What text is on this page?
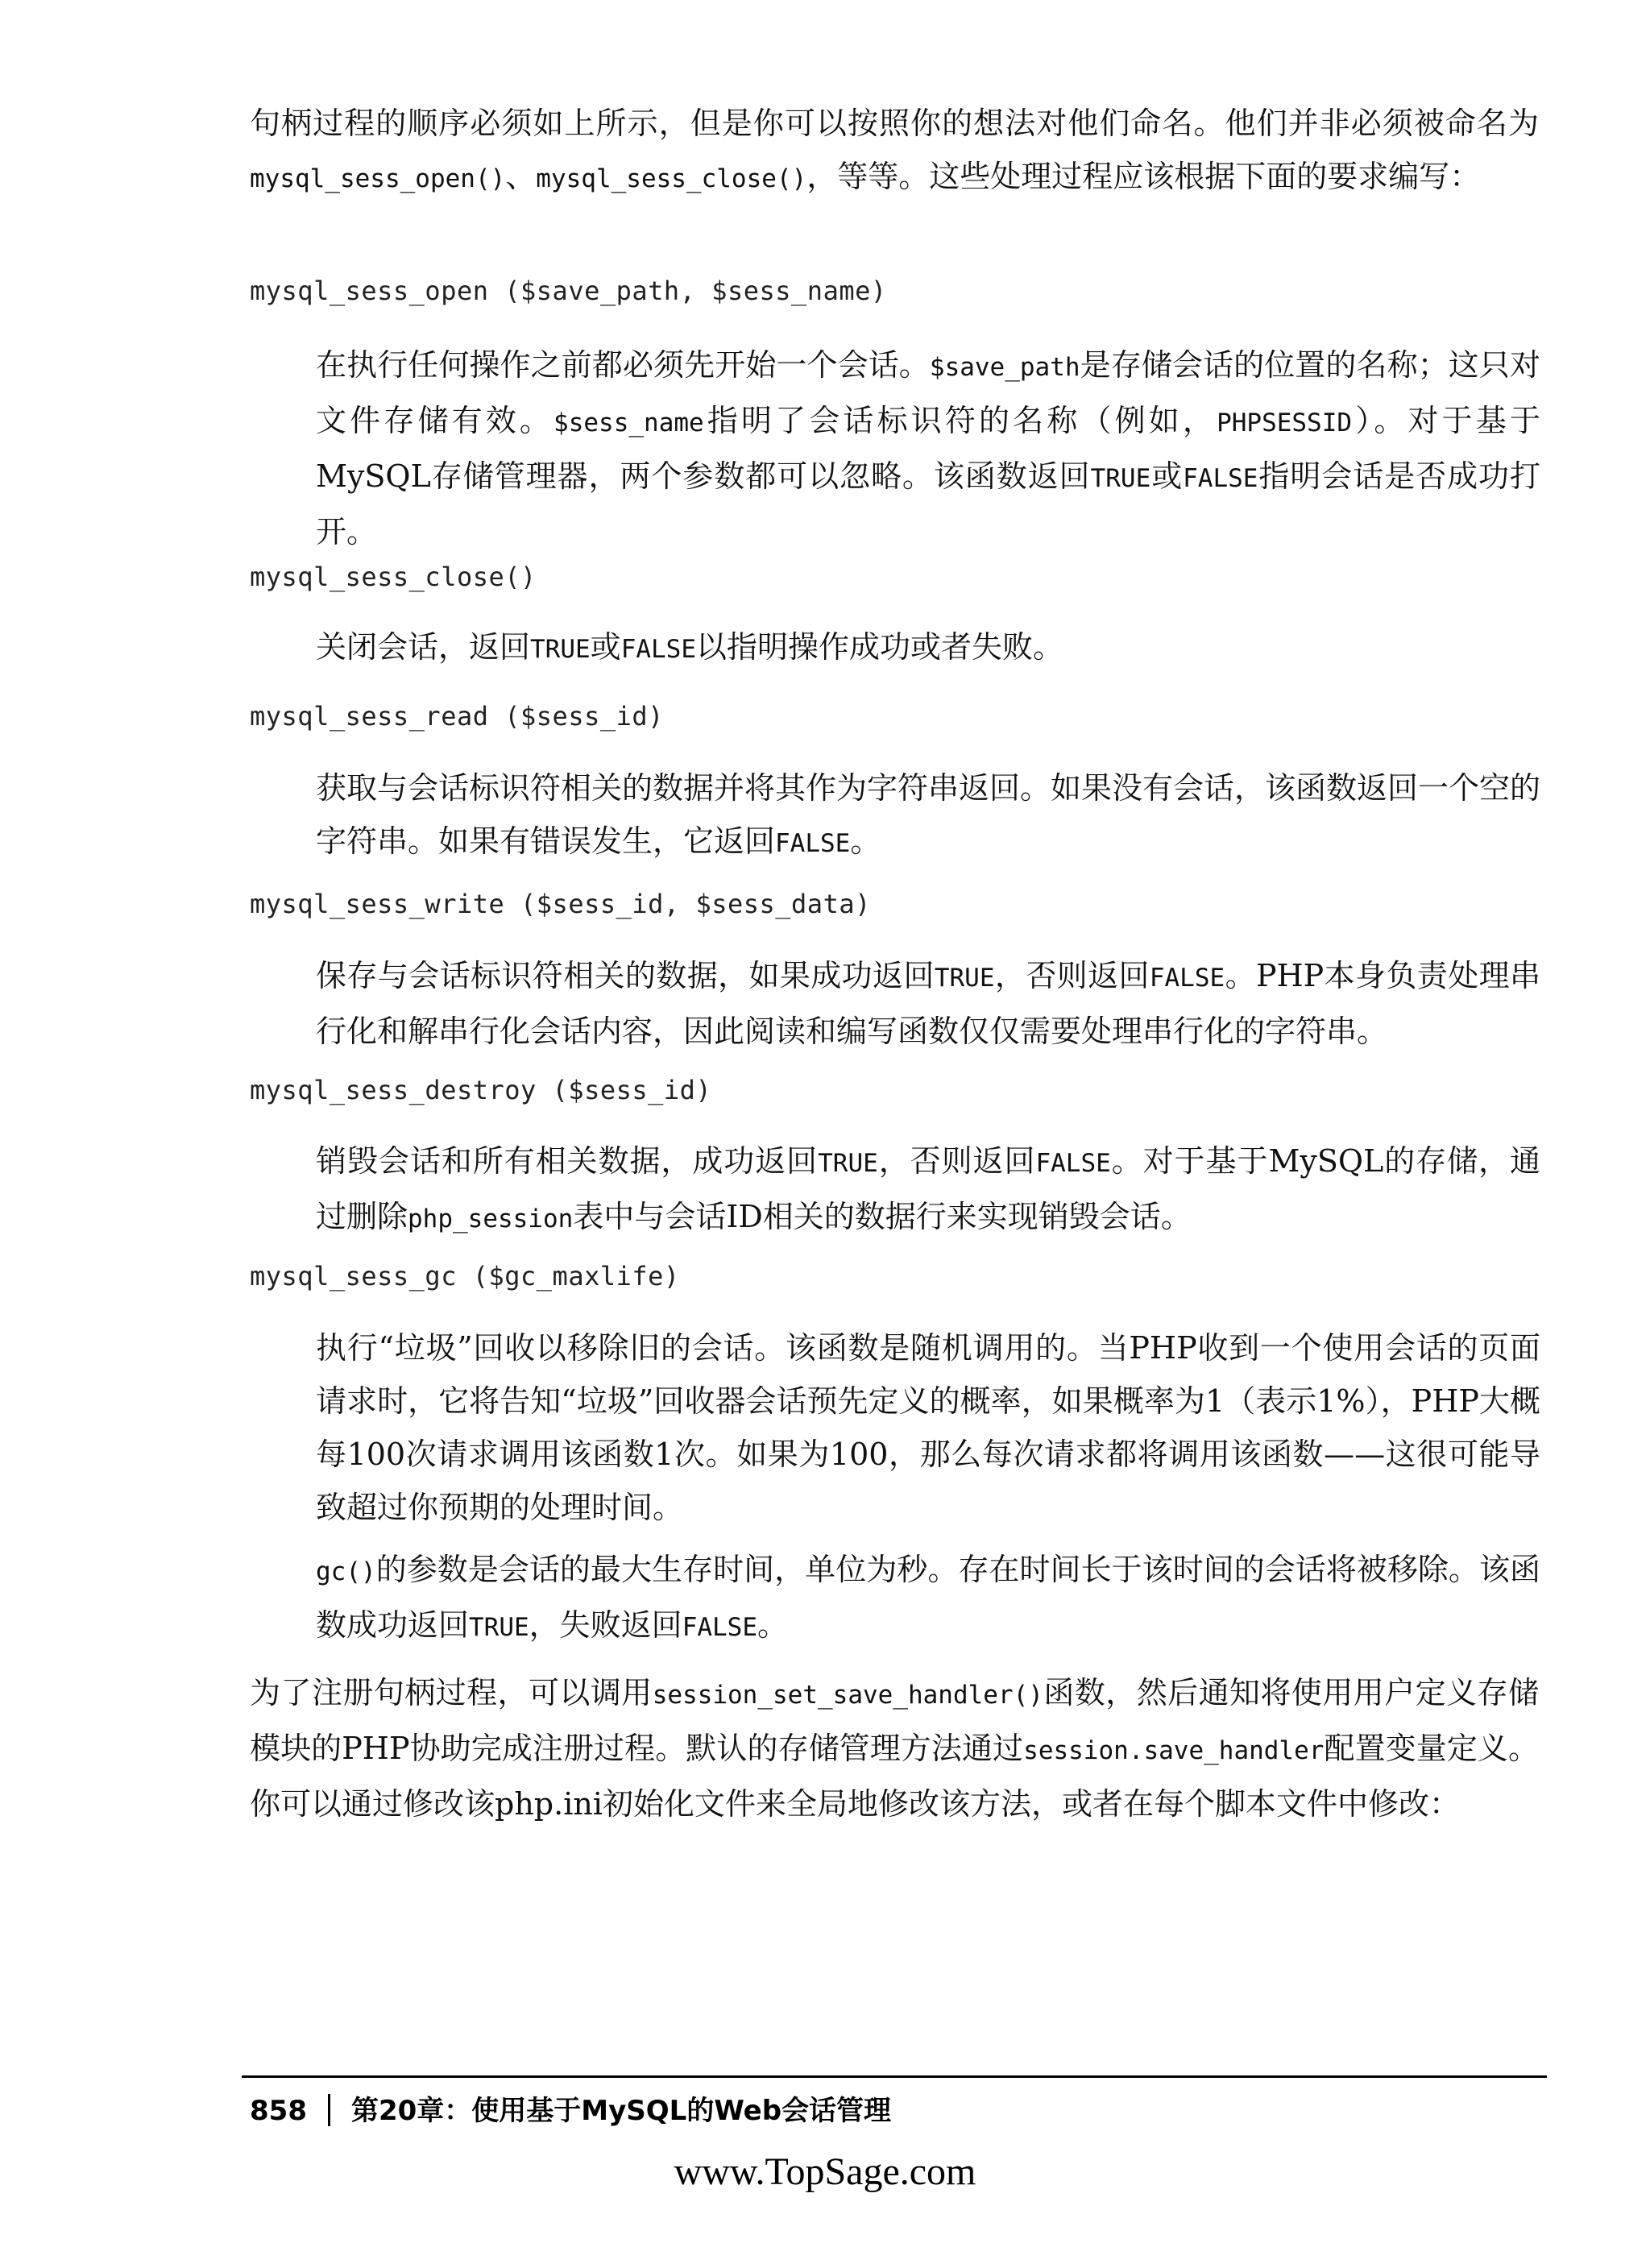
句柄过程的顺序必须如上所示，但是你可以按照你的想法对他们命名。他们并非必须被命名为mysql_sess_open()、mysql_sess_close()，等等。这些处理过程应该根据下面的要求编写：

mysql_sess_open ($save_path, $sess_name)

在执行任何操作之前都必须先开始一个会话。$save_path是存储会话的位置的名称；这只对文件存储有效。$sess_name指明了会话标识符的名称（例如，PHPSESSID）。对于基于MySQL存储管理器，两个参数都可以忽略。该函数返回TRUE或FALSE指明会话是否成功打开。

mysql_sess_close()

关闭会话，返回TRUE或FALSE以指明操作成功或者失败。

mysql_sess_read ($sess_id)

获取与会话标识符相关的数据并将其作为字符串返回。如果没有会话，该函数返回一个空的字符串。如果有错误发生，它返回FALSE。

mysql_sess_write ($sess_id, $sess_data)

保存与会话标识符相关的数据，如果成功返回TRUE，否则返回FALSE。PHP本身负责处理串行化和解串行化会话内容，因此阅读和编写函数仅仅需要处理串行化的字符串。

mysql_sess_destroy ($sess_id)

销毁会话和所有相关数据，成功返回TRUE，否则返回FALSE。对于基于MySQL的存储，通过删除php_session表中与会话ID相关的数据行来实现销毁会话。

mysql_sess_gc ($gc_maxlife)

执行“垃圾”回收以移除旧的会话。该函数是随机调用的。当PHP收到一个使用会话的页面请求时，它将告知“垃圾”回收器会话预先定义的概率，如果概率为1（表示1%），PHP大概每100次请求调用该函数1次。如果为100，那么每次请求都将调用该函数——这很可能导致超过你预期的处理时间。

gc()的参数是会话的最大生存时间，单位为秒。存在时间长于该时间的会话将被移除。该函数成功返回TRUE，失败返回FALSE。

为了注册句柄过程，可以调用session_set_save_handler()函数，然后通知将使用用户定义存储模块的PHP协助完成注册过程。默认的存储管理方法通过session.save_handler配置变量定义。你可以通过修改该php.ini初始化文件来全局地修改该方法，或者在每个脚本文件中修改：

858 第20章：使用基于MySQL的Web会话管理
www.TopSage.com
